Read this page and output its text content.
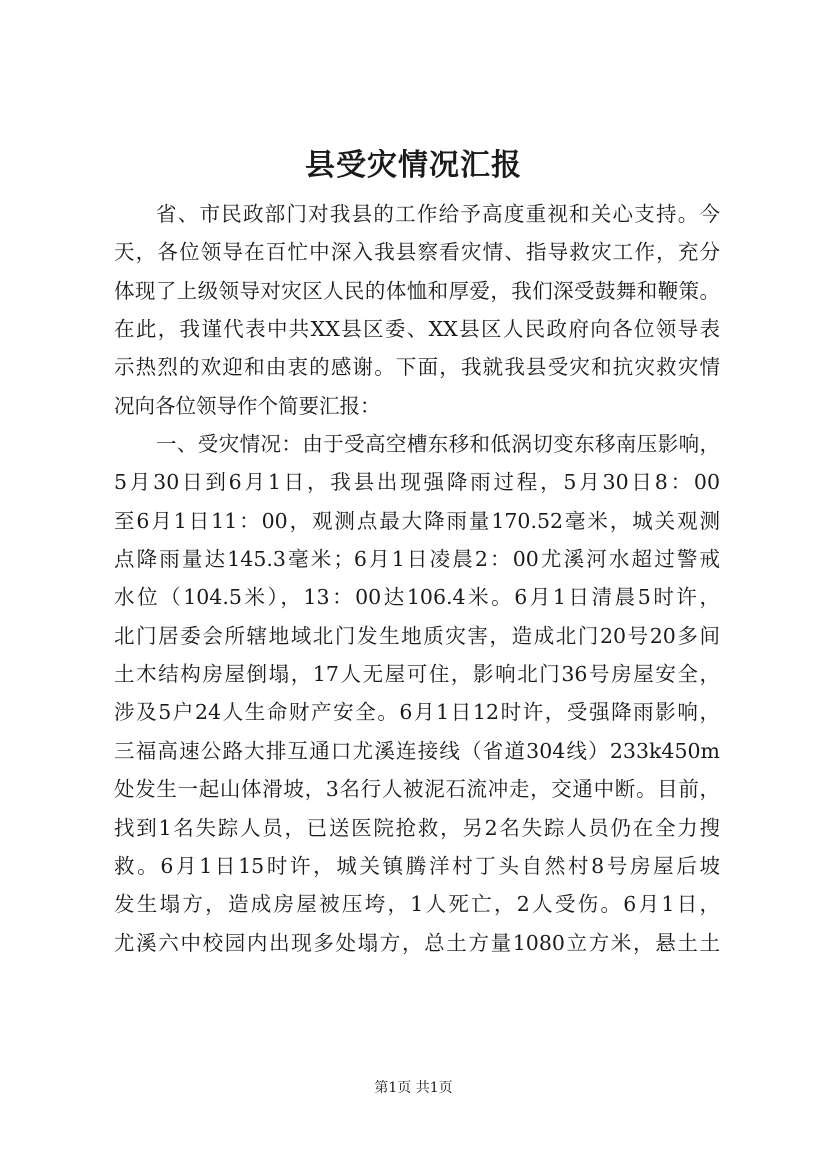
县受灾情况汇报
省、市民政部门对我县的工作给予高度重视和关心支持。今
天，各位领导在百忙中深入我县察看灾情、指导救灾工作，充分
体现了上级领导对灾区人民的体恤和厚爱，我们深受鼓舞和鞭策。
在此，我谨代表中共XX县区委、XX县区人民政府向各位领导表
示热烈的欢迎和由衷的感谢。下面，我就我县受灾和抗灾救灾情
况向各位领导作个简要汇报：
一、受灾情况：由于受高空槽东移和低涡切变东移南压影响，
5月30日到6月1日，我县出现强降雨过程，5月30日8：00
至6月1日11：00，观测点最大降雨量170.52毫米，城关观测
点降雨量达145.3毫米；6月1日凌晨2：00尤溪河水超过警戒
水位（104.5米），13：00达106.4米。6月1日清晨5时许，
北门居委会所辖地域北门发生地质灾害，造成北门20号20多间
土木结构房屋倒塌，17人无屋可住，影响北门36号房屋安全，
涉及5户24人生命财产安全。6月1日12时许，受强降雨影响，
三福高速公路大排互通口尤溪连接线（省道304线）233k450m
处发生一起山体滑坡，3名行人被泥石流冲走，交通中断。目前，
找到1名失踪人员，已送医院抢救，另2名失踪人员仍在全力搜
救。6月1日15时许，城关镇腾洋村丁头自然村8号房屋后坡
发生塌方，造成房屋被压垮，1人死亡，2人受伤。6月1日，
尤溪六中校园内出现多处塌方，总土方量1080立方米，悬土土
第1页 共1页
